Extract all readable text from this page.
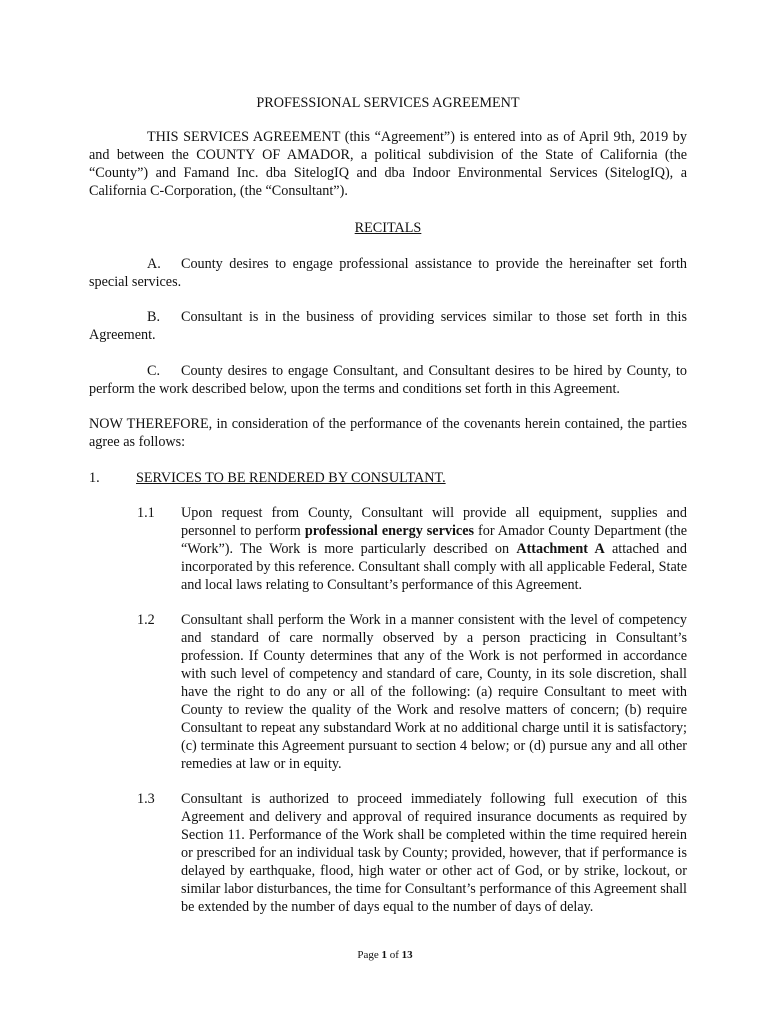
PROFESSIONAL SERVICES AGREEMENT
THIS SERVICES AGREEMENT (this “Agreement”) is entered into as of April 9th, 2019 by and between the COUNTY OF AMADOR, a political subdivision of the State of California (the “County”) and Famand Inc. dba SitelogIQ and dba Indoor Environmental Services (SitelogIQ), a California C-Corporation, (the “Consultant”).
RECITALS
A. County desires to engage professional assistance to provide the hereinafter set forth special services.
B. Consultant is in the business of providing services similar to those set forth in this Agreement.
C. County desires to engage Consultant, and Consultant desires to be hired by County, to perform the work described below, upon the terms and conditions set forth in this Agreement.
NOW THEREFORE, in consideration of the performance of the covenants herein contained, the parties agree as follows:
1.	SERVICES TO BE RENDERED BY CONSULTANT.
1.1 Upon request from County, Consultant will provide all equipment, supplies and personnel to perform professional energy services for Amador County Department (the “Work”). The Work is more particularly described on Attachment A attached and incorporated by this reference. Consultant shall comply with all applicable Federal, State and local laws relating to Consultant’s performance of this Agreement.
1.2 Consultant shall perform the Work in a manner consistent with the level of competency and standard of care normally observed by a person practicing in Consultant’s profession. If County determines that any of the Work is not performed in accordance with such level of competency and standard of care, County, in its sole discretion, shall have the right to do any or all of the following: (a) require Consultant to meet with County to review the quality of the Work and resolve matters of concern; (b) require Consultant to repeat any substandard Work at no additional charge until it is satisfactory; (c) terminate this Agreement pursuant to section 4 below; or (d) pursue any and all other remedies at law or in equity.
1.3 Consultant is authorized to proceed immediately following full execution of this Agreement and delivery and approval of required insurance documents as required by Section 11. Performance of the Work shall be completed within the time required herein or prescribed for an individual task by County; provided, however, that if performance is delayed by earthquake, flood, high water or other act of God, or by strike, lockout, or similar labor disturbances, the time for Consultant’s performance of this Agreement shall be extended by the number of days equal to the number of days of delay.
Page 1 of 13
